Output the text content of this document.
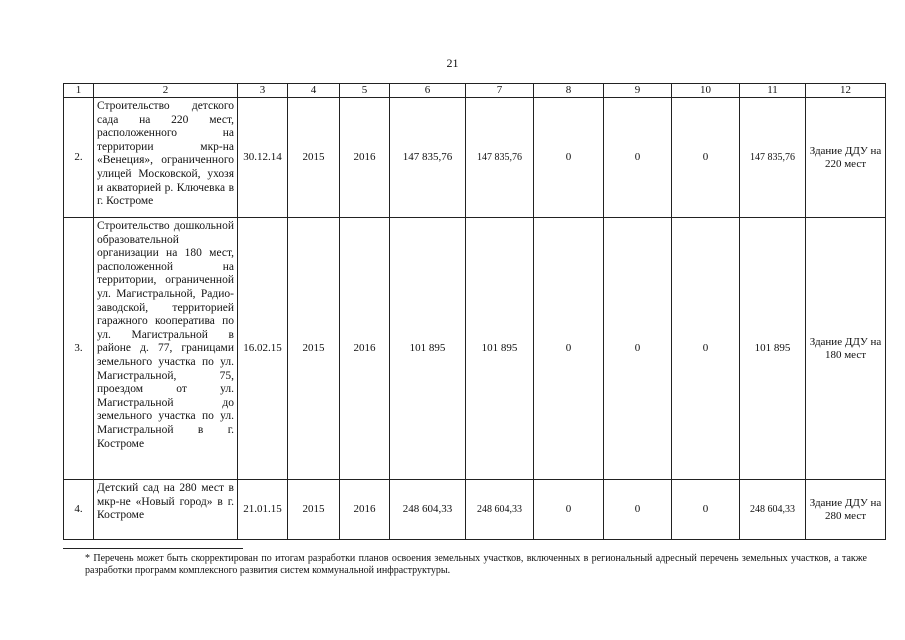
21
1	2	3	4	5	6	7	8	9	10	11	12
2.	Строительство детского сада на 220 мест, расположенного на территории мкр-на «Венеция», ограниченного улицей Московской, ухозя и акваторией р. Ключевка в г. Костроме	30.12.14	2015	2016	147 835,76	147 835,76	0	0	0	147 835,76	Здание ДДУ на 220 мест
3.	Строительство дошкольной образовательной организации на 180 мест, расположенной на территории, ограниченной ул. Магистральной, Радио-заводской, территорией гаражного кооператива по ул. Магистральной в районе д. 77, границами земельного участка по ул. Магистральной, 75, проездом от ул. Магистральной до земельного участка по ул. Магистральной в г. Костроме	16.02.15	2015	2016	101 895	101 895	0	0	0	101 895	Здание ДДУ на 180 мест
4.	Детский сад на 280 мест в мкр-не «Новый город» в г. Костроме	21.01.15	2015	2016	248 604,33	248 604,33	0	0	0	248 604,33	Здание ДДУ на 280 мест
* Перечень может быть скорректирован по итогам разработки планов освоения земельных участков, включенных в региональный адресный перечень земельных участков, а также разработки программ комплексного развития систем коммунальной инфраструктуры.
